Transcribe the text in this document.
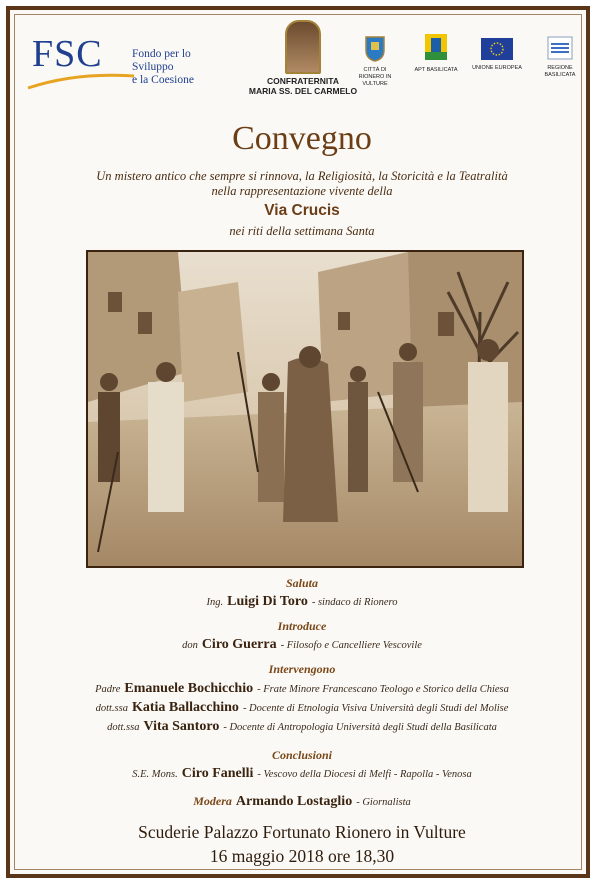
FSC	Fondo per lo Sviluppo
e la Coesione	CONFRATERNITA
MARIA SS. DEL CARMELO
CITTÀ DI
RIONERO IN VULTURE
APT BASILICATA	UNIONE EUROPEA	REGIONE BASILICATA
Convegno
Un mistero antico che sempre si rinnova, la Religiosità, la Storicità e la Teatralità
nella rappresentazione vivente della
Via Crucis
nei riti della settimana Santa
Saluta
Ing. Luigi Di Toro - sindaco di Rionero
Introduce
don Ciro Guerra - Filosofo e Cancelliere Vescovile
Intervengono
Padre Emanuele Bochicchio - Frate Minore Francescano Teologo e Storico della Chiesa
dott.ssa Katia Ballacchino - Docente di Etnologia Visiva Università degli Studi del Molise
dott.ssa Vita Santoro - Docente di Antropologia Università degli Studi della Basilicata
Conclusioni
S.E. Mons. Ciro Fanelli - Vescovo della Diocesi di Melfi - Rapolla - Venosa
Modera Armando Lostaglio - Giornalista
Scuderie Palazzo Fortunato Rionero in Vulture
16 maggio 2018 ore 18,30
